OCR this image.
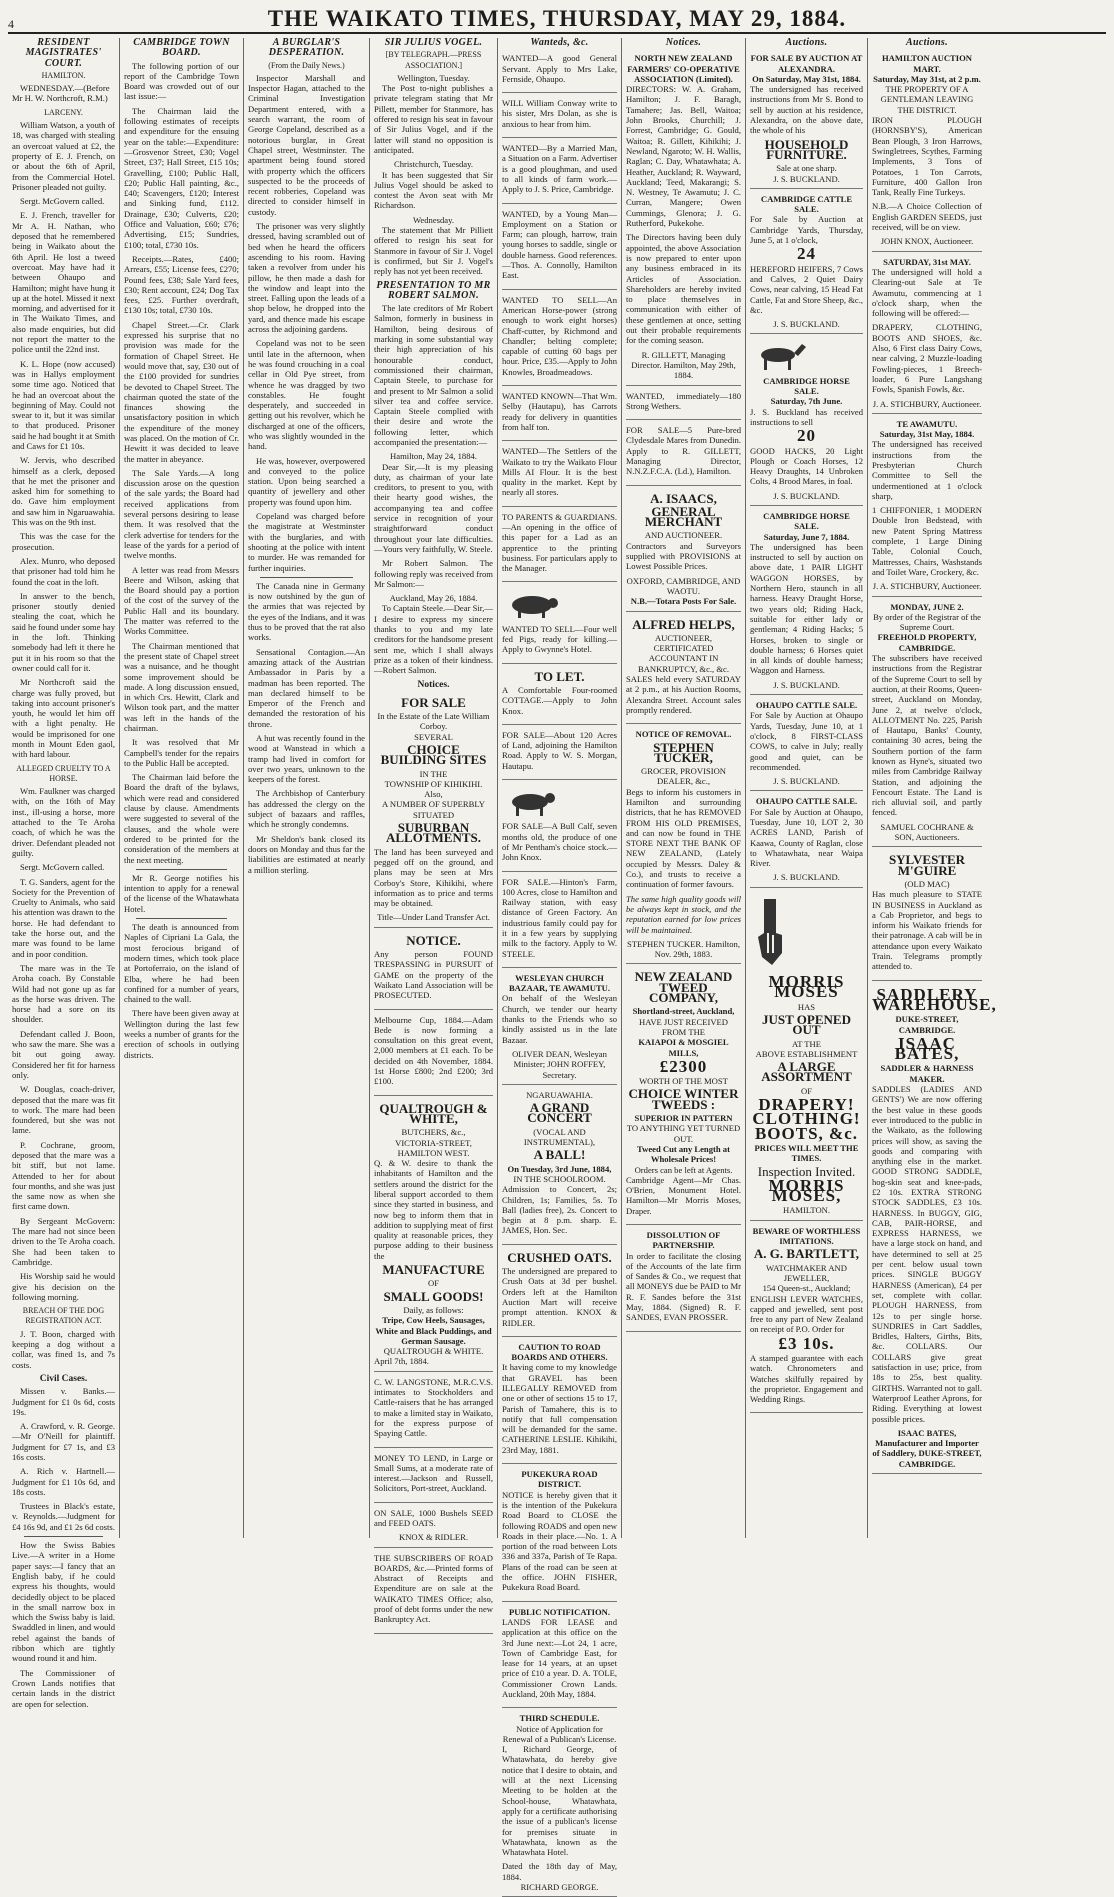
4	THE WAIKATO TIMES, THURSDAY, MAY 29, 1884.
RESIDENT MAGISTRATES' COURT.
HAMILTON.

WEDNESDAY.—(Before Mr H. W. Northcroft, R.M.)

LARCENY.

William Watson, a youth of 18, was charged with stealing an overcoat valued at £2, the property of E. J. French, on or about the 6th of April, from the Commercial Hotel. Prisoner pleaded not guilty.

Sergt. McGovern called.

E. J. French, traveller for Mr A. H. Nathan, who deposed that he remembered being in Waikato about the 6th April. He lost a tweed overcoat. May have had it between Ohaupo and Hamilton; might have hung it up at the hotel. Missed it next morning, and advertised for it in The Waikato Times, and also made enquiries, but did not report the matter to the police until the 22nd inst.

K. L. Hope (now accused) was in Hallys employment some time ago. Noticed that he had an overcoat about the beginning of May. Could not swear to it, but it was similar to that produced. Prisoner said he had bought it at Smith and Caws for £1 10s.

W. Jervis, who described himself as a clerk, deposed that he met the prisoner and asked him for something to do. Gave him employment and saw him in Ngaruawahia. This was on the 9th inst.

This was the case for the prosecution.

Alex. Munro, who deposed that prisoner had told him he found the coat in the loft.

In answer to the bench, prisoner stoutly denied stealing the coat, which he said he found under some hay in the loft. Thinking somebody had left it there he put it in his room so that the owner could call for it.

Mr Northcroft said the charge was fully proved, but taking into account prisoner's youth, he would let him off with a light penalty. He would be imprisoned for one month in Mount Eden gaol, with hard labour.

ALLEGED CRUELTY TO A HORSE.

Wm. Faulkner was charged with, on the 16th of May inst., ill-using a horse, more attached to the Te Aroha coach, of which he was the driver. Defendant pleaded not guilty.

Sergt. McGovern called.

T. G. Sanders, agent for the Society for the Prevention of Cruelty to Animals, who said his attention was drawn to the horse. He had defendant to take the horse out, and the mare was found to be lame and in poor condition.

The mare was in the Te Aroha coach. By Constable Wild had not gone up as far as the horse was driven. The horse had a sore on its shoulder.

Defendant called J. Boon, who saw the mare. She was a bit out going away. Considered her fit for harness only.

W. Douglas, coach-driver, deposed that the mare was fit to work. The mare had been foundered, but she was not lame.

P. Cochrane, groom, deposed that the mare was a bit stiff, but not lame. Attended to her for about four months, and she was just the same now as when she first came down.

By Sergeant McGovern: The mare had not since been driven to the Te Aroha coach. She had been taken to Cambridge.

His Worship said he would give his decision on the following morning.

BREACH OF THE DOG REGISTRATION ACT.

J. T. Boon, charged with keeping a dog without a collar, was fined 1s, and 7s costs.

Civil Cases.

Missen v. Banks.—Judgment for £1 0s 6d, costs 19s.

A. Crawford, v. R. George.—Mr O'Neill for plaintiff. Judgment for £7 1s, and £3 16s costs.

A. Rich v. Hartnell.—Judgment for £1 10s 6d, and 18s costs.

Trustees in Black's estate, v. Reynolds.—Judgment for £4 16s 9d, and £1 2s 6d costs.

How the Swiss Babies Live.—A writer in a Home paper says:—I fancy that an English baby, if he could express his thoughts, would decidedly object to be placed in the small narrow box in which the Swiss baby is laid. Swaddled in linen, and would rebel against the bands of ribbon which are tightly wound round it and him.

The Commissioner of Crown Lands notifies that certain lands in the district are open for selection.

CAMBRIDGE TOWN BOARD.

The following portion of our report of the Cambridge Town Board was crowded out of our last issue:—

The Chairman laid the following estimates of receipts and expenditure for the ensuing year on the table:—Expenditure:—Grosvenor Street, £30; Vogel Street, £37; Hall Street, £15 10s; Gravelling, £100; Public Hall, £20; Public Hall painting, &c., £40; Scavengers, £120; Interest and Sinking fund, £112. Drainage, £30; Culverts, £20; Office and Valuation, £60; £76; Advertising, £15; Sundries, £100; total, £730 10s.

Receipts.—Rates, £400; Arrears, £55; License fees, £270; Pound fees, £38; Sale Yard fees, £30; Rent account, £24; Dog Tax fees, £25. Further overdraft, £130 10s; total, £730 10s.

Chapel Street.—Cr. Clark expressed his surprise that no provision was made for the formation of Chapel Street. He would move that, say, £30 out of the £100 provided for sundries be devoted to Chapel Street. The chairman quoted the state of the finances showing the unsatisfactory position in which the expenditure of the money was placed. On the motion of Cr. Hewitt it was decided to leave the matter in abeyance.

The Sale Yards.—A long discussion arose on the question of the sale yards; the Board had received applications from several persons desiring to lease them. It was resolved that the clerk advertise for tenders for the lease of the yards for a period of twelve months.

A letter was read from Messrs Beere and Wilson, asking that the Board should pay a portion of the cost of the survey of the Public Hall and its boundary. The matter was referred to the Works Committee.

The Chairman mentioned that the present state of Chapel street was a nuisance, and he thought some improvement should be made. A long discussion ensued, in which Crs. Hewitt, Clark and Wilson took part, and the matter was left in the hands of the chairman.

It was resolved that Mr Campbell's tender for the repairs to the Public Hall be accepted.

The Chairman laid before the Board the draft of the bylaws, which were read and considered clause by clause. Amendments were suggested to several of the clauses, and the whole were ordered to be printed for the consideration of the members at the next meeting.

Mr R. George notifies his intention to apply for a renewal of the license of the Whatawhata Hotel.

The death is announced from Naples of Cipriani La Gala, the most ferocious brigand of modern times, which took place at Portoferraio, on the island of Elba, where he had been confined for a number of years, chained to the wall.

There have been given away at Wellington during the last few weeks a number of grants for the erection of schools in outlying districts.

A BURGLAR'S DESPERATION.
(From the Daily News.)

Inspector Marshall and Inspector Hagan, attached to the Criminal Investigation Department entered, with a search warrant, the room of George Copeland, described as a notorious burglar, in Great Chapel street, Westminster. The apartment being found stored with property which the officers suspected to be the proceeds of recent robberies, Copeland was directed to consider himself in custody.

The prisoner was very slightly dressed, having scrambled out of bed when he heard the officers ascending to his room. Having taken a revolver from under his pillow, he then made a dash for the window and leapt into the street. Falling upon the leads of a shop below, he dropped into the yard, and thence made his escape across the adjoining gardens.

Copeland was not to be seen until late in the afternoon, when he was found crouching in a coal cellar in Old Pye street, from whence he was dragged by two constables. He fought desperately, and succeeded in getting out his revolver, which he discharged at one of the officers, who was slightly wounded in the hand.

He was, however, overpowered and conveyed to the police station. Upon being searched a quantity of jewellery and other property was found upon him.

Copeland was charged before the magistrate at Westminster with the burglaries, and with shooting at the police with intent to murder. He was remanded for further inquiries.

The Canada nine in Germany is now outshined by the gun of the armies that was rejected by the eyes of the Indians, and it was thus to be proved that the rat also works.

Sensational Contagion.—An amazing attack of the Austrian Ambassador in Paris by a madman has been reported. The man declared himself to be Emperor of the French and demanded the restoration of his throne.

A hut was recently found in the wood at Wanstead in which a tramp had lived in comfort for over two years, unknown to the keepers of the forest.

The Archbishop of Canterbury has addressed the clergy on the subject of bazaars and raffles, which he strongly condemns.

Mr Sheldon's bank closed its doors on Monday and thus far the liabilities are estimated at nearly a million sterling.

SIR JULIUS VOGEL.
[BY TELEGRAPH.—PRESS ASSOCIATION.]
Wellington, Tuesday.

The Post to-night publishes a private telegram stating that Mr Pillett, member for Stanmore, has offered to resign his seat in favour of Sir Julius Vogel, and if the latter will stand no opposition is anticipated.

Christchurch, Tuesday.

It has been suggested that Sir Julius Vogel should be asked to contest the Avon seat with Mr Richardson.

Wednesday.

The statement that Mr Pilliett offered to resign his seat for Stanmore in favour of Sir J. Vogel is confirmed, but Sir J. Vogel's reply has not yet been received.

PRESENTATION TO MR ROBERT SALMON.

The late creditors of Mr Robert Salmon, formerly in business in Hamilton, being desirous of marking in some substantial way their high appreciation of his honourable conduct, commissioned their chairman, Captain Steele, to purchase for and present to Mr Salmon a solid silver tea and coffee service. Captain Steele complied with their desire and wrote the following letter, which accompanied the presentation:—

Hamilton, May 24, 1884.

Dear Sir,—It is my pleasing duty, as chairman of your late creditors, to present to you, with their hearty good wishes, the accompanying tea and coffee service in recognition of your straightforward conduct throughout your late difficulties.—Yours very faithfully, W. Steele.

Mr Robert Salmon. The following reply was received from Mr Salmon:—

Auckland, May 26, 1884.

To Captain Steele.—Dear Sir,—I desire to express my sincere thanks to you and my late creditors for the handsome present sent me, which I shall always prize as a token of their kindness.—Robert Salmon.

Notices.
FOR SALE
In the Estate of the Late William Corboy.
SEVERAL
CHOICE BUILDING SITES
IN THE
TOWNSHIP OF KIHIKIHI.
Also,
A NUMBER OF SUPERBLY SITUATED
SUBURBAN ALLOTMENTS.

The land has been surveyed and pegged off on the ground, and plans may be seen at Mrs Corboy's Store, Kihikihi, where information as to price and terms may be obtained.

Title—Under Land Transfer Act.
NOTICE.

Any person FOUND TRESPASSING in PURSUIT of GAME on the property of the Waikato Land Association will be PROSECUTED.

Melbourne Cup, 1884.—Adam Bede is now forming a consultation on this great event, 2,000 members at £1 each. To be decided on 4th November, 1884. 1st Horse £800; 2nd £200; 3rd £100.

QUALTROUGH & WHITE,
BUTCHERS, &c.,
VICTORIA-STREET, HAMILTON WEST.

Q. & W. desire to thank the inhabitants of Hamilton and the settlers around the district for the liberal support accorded to them since they started in business, and now beg to inform them that in addition to supplying meat of first quality at reasonable prices, they purpose adding to their business the

MANUFACTURE
OF
SMALL GOODS!
Daily, as follows:
Tripe, Cow Heels, Sausages, White and Black Puddings, and German Sausage.
QUALTROUGH & WHITE.
April 7th, 1884.

C. W. LANGSTONE, M.R.C.V.S. intimates to Stockholders and Cattle-raisers that he has arranged to make a limited stay in Waikato, for the express purpose of Spaying Cattle.

MONEY TO LEND, in Large or Small Sums, at a moderate rate of interest.—Jackson and Russell, Solicitors, Port-street, Auckland.

ON SALE, 1000 Bushels SEED and FEED OATS.

KNOX & RIDLER.

THE SUBSCRIBERS OF ROAD BOARDS, &c.—Printed forms of Abstract of Receipts and Expenditure are on sale at the WAIKATO TIMES Office; also, proof of debt forms under the new Bankruptcy Act.

Wanteds, &c.

WANTED—A good General Servant. Apply to Mrs Lake, Fernside, Ohaupo.

WILL William Conway write to his sister, Mrs Dolan, as she is anxious to hear from him.

WANTED—By a Married Man, a Situation on a Farm. Advertiser is a good ploughman, and used to all kinds of farm work.—Apply to J. S. Price, Cambridge.

WANTED, by a Young Man—Employment on a Station or Farm; can plough, harrow, train young horses to saddle, single or double harness. Good references.—Thos. A. Connolly, Hamilton East.

WANTED TO SELL—An American Horse-power (strong enough to work eight horses) Chaff-cutter, by Richmond and Chandler; belting complete; capable of cutting 60 bags per hour. Price, £35.—Apply to John Knowles, Broadmeadows.

WANTED KNOWN—That Wm. Selby (Hautapu), has Carrots ready for delivery in quantities from half ton.

WANTED—The Settlers of the Waikato to try the Waikato Flour Mills AI Flour. It is the best quality in the market. Kept by nearly all stores.

TO PARENTS & GUARDIANS.—An opening in the office of this paper for a Lad as an apprentice to the printing business. For particulars apply to the Manager.

WANTED TO SELL—Four well fed Pigs, ready for killing.—Apply to Gwynne's Hotel.

TO LET.

A Comfortable Four-roomed COTTAGE.—Apply to John Knox.

FOR SALE—About 120 Acres of Land, adjoining the Hamilton Road. Apply to W. S. Morgan, Hautapu.

FOR SALE—A Bull Calf, seven months old, the produce of one of Mr Pentham's choice stock.—John Knox.

FOR SALE.—Hinton's Farm, 100 Acres, close to Hamilton and Railway station, with easy distance of Green Factory. An industrious family could pay for it in a few years by supplying milk to the factory. Apply to W. STEELE.

WESLEYAN CHURCH BAZAAR, TE AWAMUTU.

On behalf of the Wesleyan Church, we tender our hearty thanks to the Friends who so kindly assisted us in the late Bazaar.

OLIVER DEAN, Wesleyan Minister; JOHN ROFFEY, Secretary.
NGARUAWAHIA.
A GRAND CONCERT
(VOCAL AND INSTRUMENTAL),
A BALL!
On Tuesday, 3rd June, 1884,
IN THE SCHOOLROOM.

Admission to Concert, 2s; Children, 1s; Families, 5s. To Ball (ladies free), 2s. Concert to begin at 8 p.m. sharp. E. JAMES, Hon. Sec.

CRUSHED OATS.

The undersigned are prepared to Crush Oats at 3d per bushel. Orders left at the Hamilton Auction Mart will receive prompt attention. KNOX & RIDLER.

CAUTION TO ROAD BOARDS AND OTHERS.

It having come to my knowledge that GRAVEL has been ILLEGALLY REMOVED from one or other of sections 15 to 17, Parish of Tamahere, this is to notify that full compensation will be demanded for the same. CATHERINE LESLIE. Kihikihi, 23rd May, 1881.

PUKEKURA ROAD DISTRICT.

NOTICE is hereby given that it is the intention of the Pukekura Road Board to CLOSE the following ROADS and open new Roads in their place.—No. 1. A portion of the road between Lots 336 and 337a, Parish of Te Rapa. Plans of the road can be seen at the office. JOHN FISHER, Pukekura Road Board.

PUBLIC NOTIFICATION.

LANDS FOR LEASE and application at this office on the 3rd June next:—Lot 24, 1 acre, Town of Cambridge East, for lease for 14 years, at an upset price of £10 a year. D. A. TOLE, Commissioner Crown Lands. Auckland, 20th May, 1884.

THIRD SCHEDULE.
Notice of Application for Renewal of a Publican's License.

I, Richard George, of Whatawhata, do hereby give notice that I desire to obtain, and will at the next Licensing Meeting to be holden at the School-house, Whatawhata, apply for a certificate authorising the issue of a publican's license for premises situate in Whatawhata, known as the Whatawhata Hotel.

Dated the 18th day of May, 1884.
RICHARD GEORGE.
Notices.
NORTH NEW ZEALAND FARMERS' CO-OPERATIVE ASSOCIATION (Limited).

DIRECTORS: W. A. Graham, Hamilton; J. F. Baragh, Tamahere; Jas. Bell, Waitoa; John Brooks, Churchill; J. Forrest, Cambridge; G. Gould, Waitoa; R. Gillett, Kihikihi; J. Newland, Ngaroto; W. H. Wallis, Raglan; C. Day, Whatawhata; A. Heather, Auckland; R. Wayward, Auckland; Teed, Makarangi; S. N. Westney, Te Awamutu; J. C. Curran, Mangere; Owen Cummings, Glenora; J. G. Rutherford, Pukekohe.

The Directors having been duly appointed, the above Association is now prepared to enter upon any business embraced in its Articles of Association. Shareholders are hereby invited to place themselves in communication with either of these gentlemen at once, setting out their probable requirements for the coming season.

R. GILLETT, Managing Director. Hamilton, May 29th, 1884.

WANTED, immediately—180 Strong Wethers.

FOR SALE—5 Pure-bred Clydesdale Mares from Dunedin. Apply to R. GILLETT, Managing Director, N.N.Z.F.C.A. (Ld.), Hamilton.

A. ISAACS,
GENERAL MERCHANT
AND AUCTIONEER.

Contractors and Surveyors supplied with PROVISIONS at Lowest Possible Prices.

OXFORD, CAMBRIDGE, AND WAOTU.
N.B.—Totara Posts For Sale.
ALFRED HELPS,
AUCTIONEER,
CERTIFICATED ACCOUNTANT IN BANKRUPTCY, &c., &c.

SALES held every SATURDAY at 2 p.m., at his Auction Rooms, Alexandra Street. Account sales promptly rendered.

NOTICE OF REMOVAL.
STEPHEN TUCKER,
GROCER, PROVISION DEALER, &c.,

Begs to inform his customers in Hamilton and surrounding districts, that he has REMOVED FROM HIS OLD PREMISES, and can now be found in THE STORE NEXT THE BANK OF NEW ZEALAND, (Lately occupied by Messrs. Daley & Co.), and trusts to receive a continuation of former favours.

The same high quality goods will be always kept in stock, and the reputation earned for low prices will be maintained.

STEPHEN TUCKER. Hamilton, Nov. 29th, 1883.
NEW ZEALAND TWEED COMPANY,
Shortland-street, Auckland,
HAVE JUST RECEIVED FROM THE
KAIAPOI & MOSGIEL MILLS,
£2300
WORTH OF THE MOST
CHOICE WINTER TWEEDS :
SUPERIOR IN PATTERN
TO ANYTHING YET TURNED OUT.
Tweed Cut any Length at Wholesale Prices!
Orders can be left at Agents.

Cambridge Agent—Mr Chas. O'Brien, Monument Hotel. Hamilton—Mr Morris Moses, Draper.

DISSOLUTION OF PARTNERSHIP.

In order to facilitate the closing of the Accounts of the late firm of Sandes & Co., we request that all MONEYS due be PAID to Mr R. F. Sandes before the 31st May, 1884. (Signed) R. F. SANDES, EVAN PROSSER.

Auctions.
FOR SALE BY AUCTION AT ALEXANDRA.
On Saturday, May 31st, 1884.

The undersigned has received instructions from Mr S. Bond to sell by auction at his residence, Alexandra, on the above date, the whole of his

HOUSEHOLD FURNITURE.
Sale at one sharp.
J. S. BUCKLAND.
CAMBRIDGE CATTLE SALE.

For Sale by Auction at Cambridge Yards, Thursday, June 5, at 1 o'clock,

24

HEREFORD HEIFERS, 7 Cows and Calves, 2 Quiet Dairy Cows, near calving, 15 Head Fat Cattle, Fat and Store Sheep, &c., &c.

J. S. BUCKLAND.
CAMBRIDGE HORSE SALE.
Saturday, 7th June.

J. S. Buckland has received instructions to sell

20

GOOD HACKS, 20 Light Plough or Coach Horses, 12 Heavy Draughts, 14 Unbroken Colts, 4 Brood Mares, in foal.

J. S. BUCKLAND.
CAMBRIDGE HORSE SALE.
Saturday, June 7, 1884.

The undersigned has been instructed to sell by auction on above date, 1 PAIR LIGHT WAGGON HORSES, by Northern Hero, staunch in all harness. Heavy Draught Horse, two years old; Riding Hack, suitable for either lady or gentleman; 4 Riding Hacks; 5 Horses, broken to single or double harness; 6 Horses quiet in all kinds of double harness; Waggon and Harness.

J. S. BUCKLAND.
OHAUPO CATTLE SALE.

For Sale by Auction at Ohaupo Yards, Tuesday, June 10, at 1 o'clock, 8 FIRST-CLASS COWS, to calve in July; really good and quiet, can be recommended.

J. S. BUCKLAND.
OHAUPO CATTLE SALE.

For Sale by Auction at Ohaupo, Tuesday, June 10, LOT 2, 30 ACRES LAND, Parish of Kaawa, County of Raglan, close to Whatawhata, near Waipa River.

J. S. BUCKLAND.
MORRIS MOSES
HAS
JUST OPENED OUT
AT THE
ABOVE ESTABLISHMENT
A LARGE ASSORTMENT
OF
DRAPERY!
CLOTHING!
BOOTS, &c.
PRICES WILL MEET THE TIMES.
Inspection Invited.
MORRIS MOSES,
HAMILTON.
BEWARE OF WORTHLESS IMITATIONS.
A. G. BARTLETT,
WATCHMAKER AND JEWELLER,
154 Queen-st., Auckland;

ENGLISH LEVER WATCHES, capped and jewelled, sent post free to any part of New Zealand on receipt of P.O. Order for

£3 10s.

A stamped guarantee with each watch. Chronometers and Watches skilfully repaired by the proprietor. Engagement and Wedding Rings.

Auctions.
HAMILTON AUCTION MART.
Saturday, May 31st, at 2 p.m.
THE PROPERTY OF A GENTLEMAN LEAVING THE DISTRICT.

IRON PLOUGH (HORNSBY'S), American Bean Plough, 3 Iron Harrows, Swingletrees, Scythes, Farming Implements, 3 Tons of Potatoes, 1 Ton Carrots, Furniture, 400 Gallon Iron Tank, Really Fine Turkeys.

N.B.—A Choice Collection of English GARDEN SEEDS, just received, will be on view.

JOHN KNOX, Auctioneer.
SATURDAY, 31st MAY.

The undersigned will hold a Clearing-out Sale at Te Awamutu, commencing at 1 o'clock sharp, when the following will be offered:—

DRAPERY, CLOTHING, BOOTS AND SHOES, &c. Also, 6 First class Dairy Cows, near calving, 2 Muzzle-loading Fowling-pieces, 1 Breech-loader, 6 Pure Langshang Fowls, Spanish Fowls, &c.

J. A. STICHBURY, Auctioneer.
TE AWAMUTU.
Saturday, 31st May, 1884.

The undersigned has received instructions from the Presbyterian Church Committee to Sell the undermentioned at 1 o'clock sharp,

1 CHIFFONIER, 1 MODERN Double Iron Bedstead, with new Patent Spring Mattress complete, 1 Large Dining Table, Colonial Couch, Mattresses, Chairs, Washstands and Toilet Ware, Crockery, &c.

J. A. STICHBURY, Auctioneer.
MONDAY, JUNE 2.
By order of the Registrar of the Supreme Court.
FREEHOLD PROPERTY, CAMBRIDGE.

The subscribers have received instructions from the Registrar of the Supreme Court to sell by auction, at their Rooms, Queen-street, Auckland on Monday, June 2, at twelve o'clock, ALLOTMENT No. 225, Parish of Hautapu, Banks' County, containing 30 acres, being the Southern portion of the farm known as Hyne's, situated two miles from Cambridge Railway Station, and adjoining the Fencourt Estate. The Land is rich alluvial soil, and partly fenced.

SAMUEL COCHRANE & SON, Auctioneers.
SYLVESTER M'GUIRE
(OLD MAC)

Has much pleasure to STATE IN BUSINESS in Auckland as a Cab Proprietor, and begs to inform his Waikato friends for their patronage. A cab will be in attendance upon every Waikato Train. Telegrams promptly attended to.

SADDLERY WAREHOUSE,
DUKE-STREET, CAMBRIDGE.
ISAAC BATES,
SADDLER & HARNESS MAKER.

SADDLES (LADIES AND GENTS') We are now offering the best value in these goods ever introduced to the public in the Waikato, as the following prices will show, as saving the goods and comparing with anything else in the market. GOOD STRONG SADDLE, hog-skin seat and knee-pads, £2 10s. EXTRA STRONG STOCK SADDLES, £3 10s. HARNESS. In BUGGY, GIG, CAB, PAIR-HORSE, and EXPRESS HARNESS, we have a large stock on hand, and have determined to sell at 25 per cent. below usual town prices. SINGLE BUGGY HARNESS (American), £4 per set, complete with collar. PLOUGH HARNESS, from 12s to per single horse. SUNDRIES in Cart Saddles, Bridles, Halters, Girths, Bits, &c. COLLARS. Our COLLARS give great satisfaction in use; price, from 18s to 25s, best quality. GIRTHS. Warranted not to gall. Waterproof Leather Aprons, for Riding. Everything at lowest possible prices.

ISAAC BATES, Manufacturer and Importer of Saddlery, DUKE-STREET, CAMBRIDGE.
